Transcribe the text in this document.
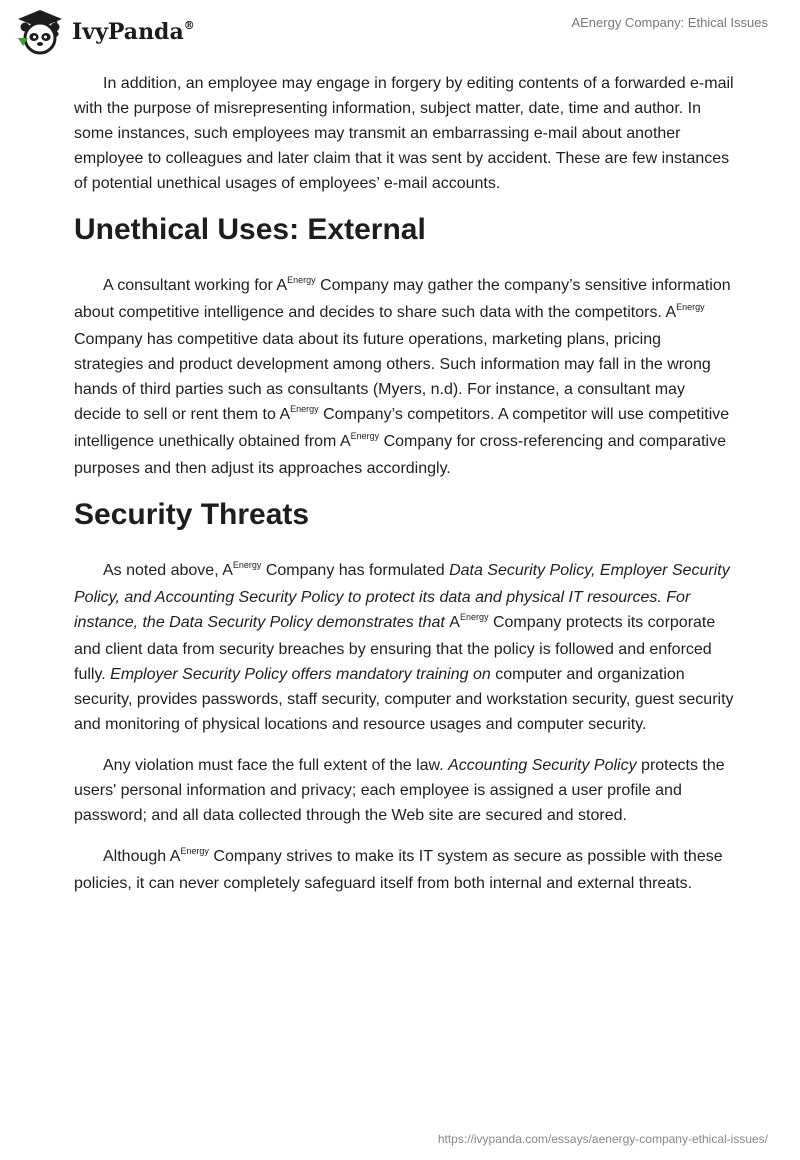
IvyPanda®	AEnergy Company: Ethical Issues

In addition, an employee may engage in forgery by editing contents of a forwarded e-mail with the purpose of misrepresenting information, subject matter, date, time and author. In some instances, such employees may transmit an embarrassing e-mail about another employee to colleagues and later claim that it was sent by accident. These are few instances of potential unethical usages of employees’ e-mail accounts.

Unethical Uses: External

A consultant working for $A^{Energy}$ Company may gather the company’s sensitive information about competitive intelligence and decides to share such data with the competitors. $A^{Energy}$ Company has competitive data about its future operations, marketing plans, pricing strategies and product development among others. Such information may fall in the wrong hands of third parties such as consultants (Myers, n.d). For instance, a consultant may decide to sell or rent them to $A^{Energy}$ Company’s competitors. A competitor will use competitive intelligence unethically obtained from $A^{Energy}$ Company for cross-referencing and comparative purposes and then adjust its approaches accordingly.

Security Threats

As noted above, $A^{Energy}$ Company has formulated Data Security Policy, Employer Security Policy, and Accounting Security Policy to protect its data and physical IT resources. For instance, the Data Security Policy demonstrates that $A^{Energy}$ Company protects its corporate and client data from security breaches by ensuring that the policy is followed and enforced fully. Employer Security Policy offers mandatory training on computer and organization security, provides passwords, staff security, computer and workstation security, guest security and monitoring of physical locations and resource usages and computer security.

Any violation must face the full extent of the law. Accounting Security Policy protects the users' personal information and privacy; each employee is assigned a user profile and password; and all data collected through the Web site are secured and stored.

Although $A^{Energy}$ Company strives to make its IT system as secure as possible with these policies, it can never completely safeguard itself from both internal and external threats.

https://ivypanda.com/essays/aenergy-company-ethical-issues/
